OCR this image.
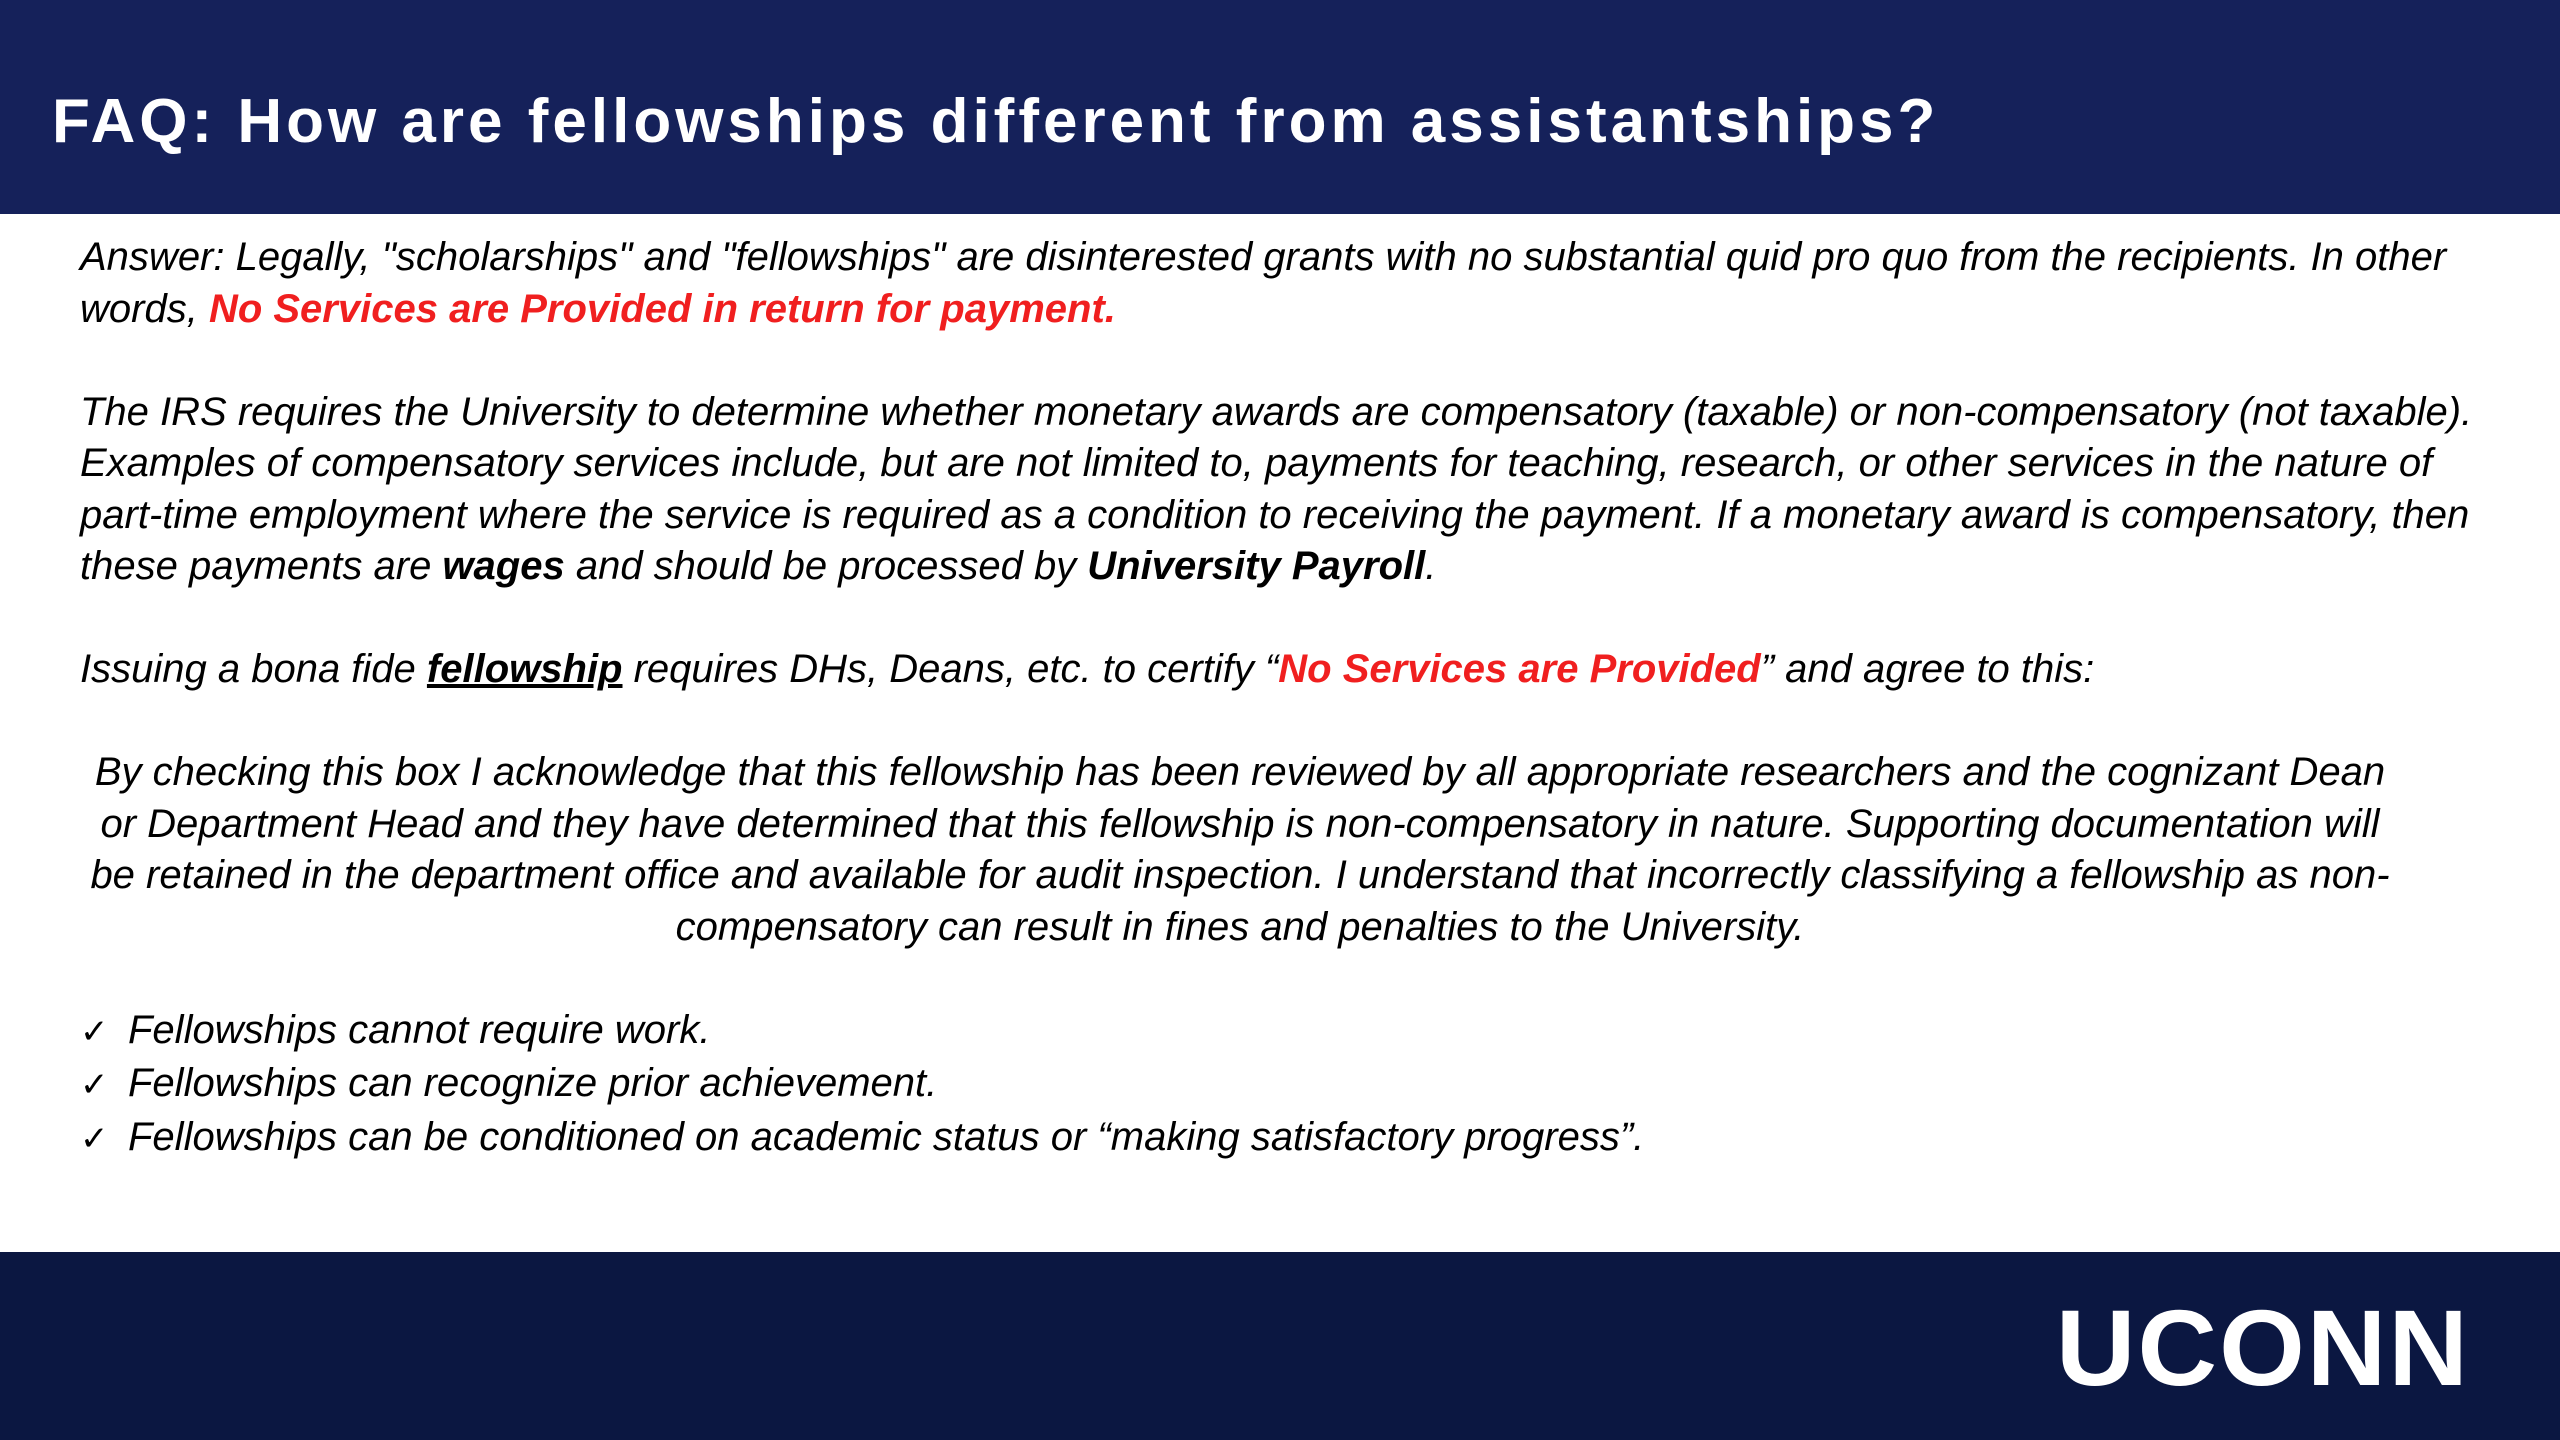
FAQ: How are fellowships different from assistantships?

Answer: Legally, "scholarships" and "fellowships" are disinterested grants with no substantial quid pro quo from the recipients. In other words, No Services are Provided in return for payment.

The IRS requires the University to determine whether monetary awards are compensatory (taxable) or non-compensatory (not taxable). Examples of compensatory services include, but are not limited to, payments for teaching, research, or other services in the nature of part-time employment where the service is required as a condition to receiving the payment. If a monetary award is compensatory, then these payments are wages and should be processed by University Payroll.

Issuing a bona fide fellowship requires DHs, Deans, etc. to certify “No Services are Provided” and agree to this:

By checking this box I acknowledge that this fellowship has been reviewed by all appropriate researchers and the cognizant Dean or Department Head and they have determined that this fellowship is non-compensatory in nature. Supporting documentation will be retained in the department office and available for audit inspection. I understand that incorrectly classifying a fellowship as non-compensatory can result in fines and penalties to the University.

✓ Fellowships cannot require work.
✓ Fellowships can recognize prior achievement.
✓ Fellowships can be conditioned on academic status or “making satisfactory progress”.
UCONN
